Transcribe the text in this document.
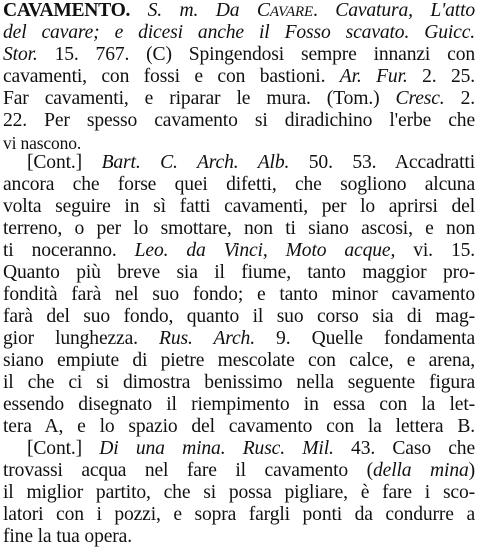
CAVAMENTO. S. m. Da CAVARE. Cavatura, L'atto
del cavare; e dicesi anche il Fosso scavato. Guicc.
Stor. 15. 767. (C) Spingendosi sempre innanzi con
cavamenti, con fossi e con bastioni. Ar. Fur. 2. 25.
Far cavamenti, e riparar le mura. (Tom.) Cresc. 2.
22. Per spesso cavamento si diradichino l'erbe che
vi nascono.
[Cont.] Bart. C. Arch. Alb. 50. 53. Accadratti
ancora che forse quei difetti, che sogliono alcuna
volta seguire in sì fatti cavamenti, per lo aprirsi del
terreno, o per lo smottare, non ti siano ascosi, e non
ti noceranno. Leo. da Vinci, Moto acque, vi. 15.
Quanto più breve sia il fiume, tanto maggior pro-
fondità farà nel suo fondo; e tanto minor cavamento
farà del suo fondo, quanto il suo corso sia di mag-
gior lunghezza. Rus. Arch. 9. Quelle fondamenta
siano empiute di pietre mescolate con calce, e arena,
il che ci si dimostra benissimo nella seguente figura
essendo disegnato il riempimento in essa con la let-
tera A, e lo spazio del cavamento con la lettera B.
[Cont.] Di una mina. Rusc. Mil. 43. Caso che
trovassi acqua nel fare il cavamento (della mina)
il miglior partito, che si possa pigliare, è fare i sco-
latori con i pozzi, e sopra fargli ponti da condurre a
fine la tua opera.
